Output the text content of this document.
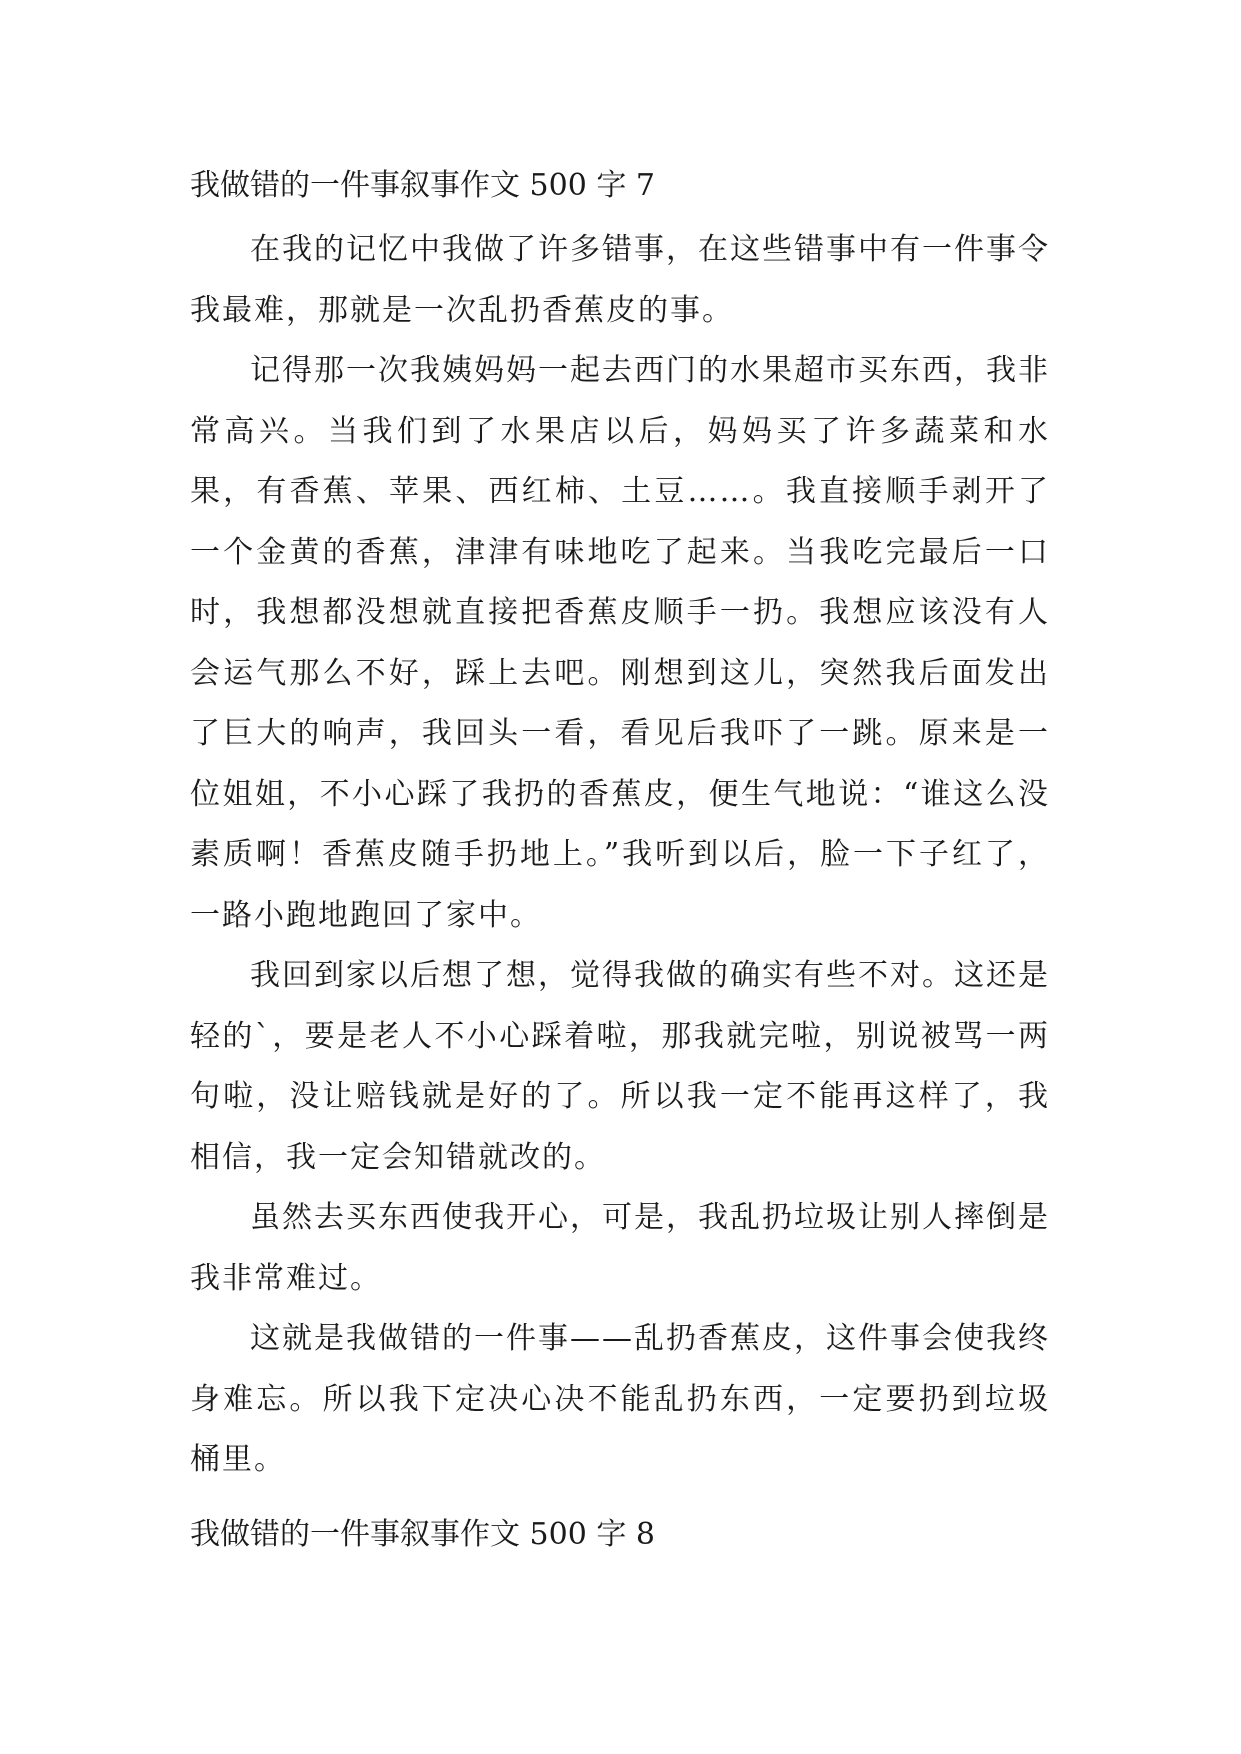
我做错的一件事叙事作文 500 字 7

在我的记忆中我做了许多错事，在这些错事中有一件事令我最难，那就是一次乱扔香蕉皮的事。

记得那一次我姨妈妈一起去西门的水果超市买东西，我非常高兴。当我们到了水果店以后，妈妈买了许多蔬菜和水果，有香蕉、苹果、西红柿、土豆……。我直接顺手剥开了一个金黄的香蕉，津津有味地吃了起来。当我吃完最后一口时，我想都没想就直接把香蕉皮顺手一扔。我想应该没有人会运气那么不好，踩上去吧。刚想到这儿，突然我后面发出了巨大的响声，我回头一看，看见后我吓了一跳。原来是一位姐姐，不小心踩了我扔的香蕉皮，便生气地说：“谁这么没素质啊！香蕉皮随手扔地上。”我听到以后，脸一下子红了，一路小跑地跑回了家中。

我回到家以后想了想，觉得我做的确实有些不对。这还是轻的`，要是老人不小心踩着啦，那我就完啦，别说被骂一两句啦，没让赔钱就是好的了。所以我一定不能再这样了，我相信，我一定会知错就改的。

虽然去买东西使我开心，可是，我乱扔垃圾让别人摔倒是我非常难过。

这就是我做错的一件事——乱扔香蕉皮，这件事会使我终身难忘。所以我下定决心决不能乱扔东西，一定要扔到垃圾桶里。

我做错的一件事叙事作文 500 字 8
